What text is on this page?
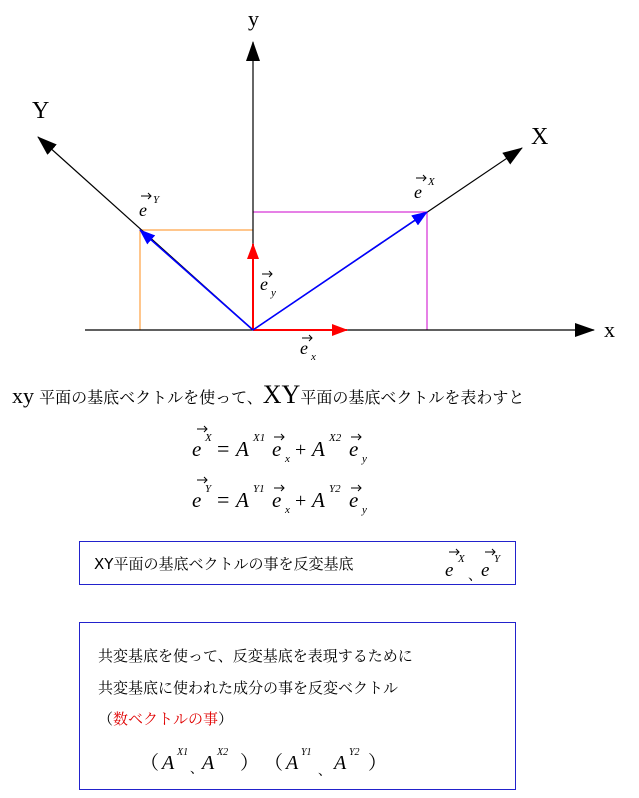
y
x
X
Y
e Y	e X
e y
e x
xy 平面の基底ベクトルを使って、XY平面の基底ベクトルを表わすと
e X = A X1 e x + A X2 e y
e Y = A Y1 e x + A Y2 e y
XY平面の基底ベクトルの事を反変基底	e
X
、 e
Y
共変基底を使って、反変基底を表現するために
共変基底に使われた成分の事を反変ベクトル
（数ベクトルの事）
（ A X1
、
A X2
） （ A Y1
、 A Y2
）
